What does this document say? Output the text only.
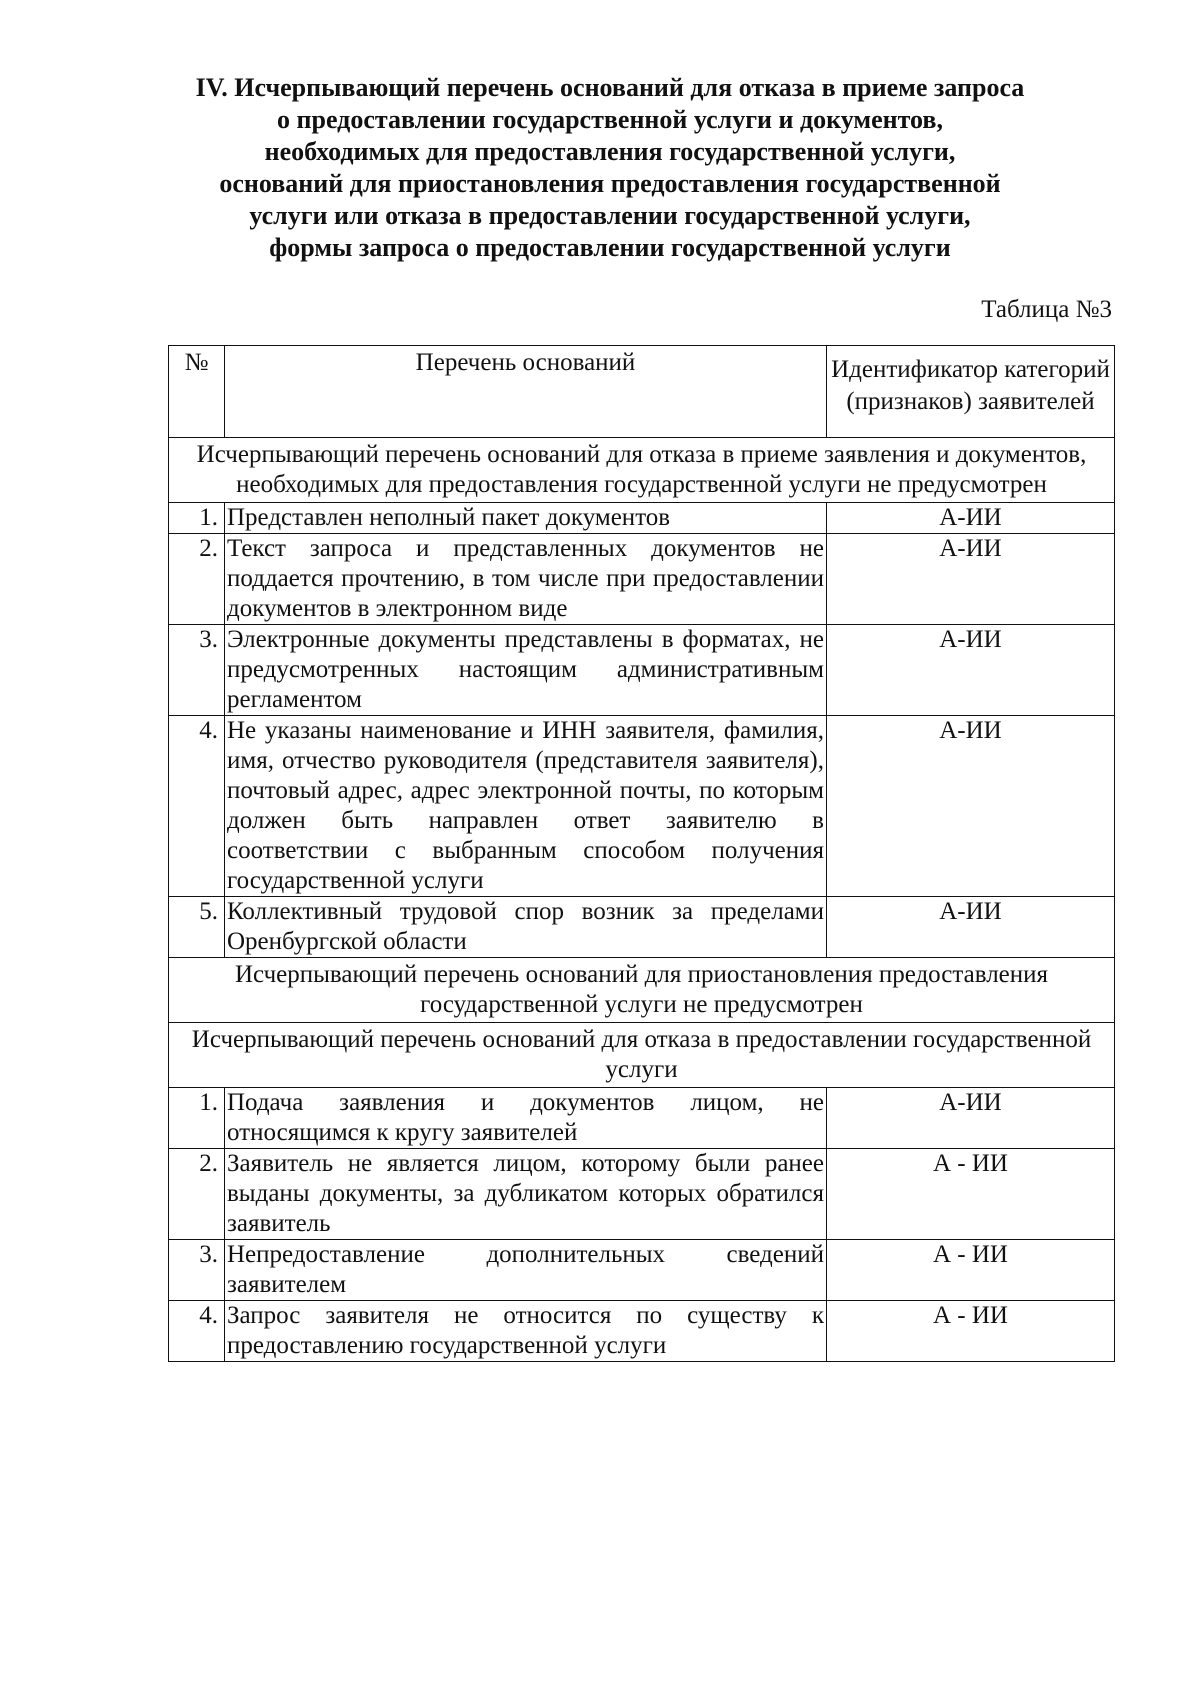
IV. Исчерпывающий перечень оснований для отказа в приеме запроса
о предоставлении государственной услуги и документов,
необходимых для предоставления государственной услуги,
оснований для приостановления предоставления государственной
услуги или отказа в предоставлении государственной услуги,
формы запроса о предоставлении государственной услуги
Таблица №3
№	Перечень оснований	Идентификатор категорий (признаков) заявителей
Исчерпывающий перечень оснований для отказа в приеме заявления и документов, необходимых для предоставления государственной услуги не предусмотрен		
1.	Представлен неполный пакет документов	А-ИИ
2.	Текст запроса и представленных документов не поддается прочтению, в том числе при предоставлении документов в электронном виде	А-ИИ
3.	Электронные документы представлены в форматах, не предусмотренных настоящим административным регламентом	А-ИИ
4.	Не указаны наименование и ИНН заявителя, фамилия, имя, отчество руководителя (представителя заявителя), почтовый адрес, адрес электронной почты, по которым должен быть направлен ответ заявителю в соответствии с выбранным способом получения государственной услуги	А-ИИ
5.	Коллективный трудовой спор возник за пределами Оренбургской области	А-ИИ
Исчерпывающий перечень оснований для приостановления предоставления государственной услуги не предусмотрен		
Исчерпывающий перечень оснований для отказа в предоставлении государственной услуги		
1.	Подача заявления и документов лицом, не относящимся к кругу заявителей	А-ИИ
2.	Заявитель не является лицом, которому были ранее выданы документы, за дубликатом которых обратился заявитель	А - ИИ
3.	Непредоставление дополнительных сведений заявителем	А - ИИ
4.	Запрос заявителя не относится по существу к предоставлению государственной услуги	А - ИИ
